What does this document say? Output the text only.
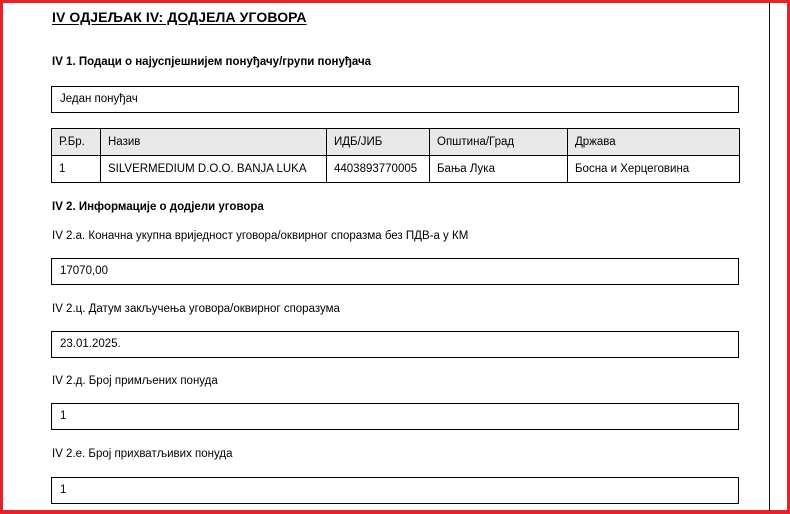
IV ОДЈЕЉАК IV: ДОДЈЕЛА УГОВОРА
IV 1. Подаци о најуспјешнијем понуђачу/групи понуђача
Један понуђач
Р.Бр.	Назив	ИДБ/ЈИБ	Општина/Град	Држава
1	SILVERMEDIUM D.O.O. BANJA LUKA	4403893770005	Бања Лука	Босна и Херцеговина
IV 2. Информације о додјели уговора
IV 2.а. Коначна укупна вриједност уговора/оквирног споразма без ПДВ-а у КМ
17070,00
IV 2.ц. Датум закључења уговора/оквирног споразума
23.01.2025.
IV 2.д. Број примљених понуда
1
IV 2.е. Број прихватљивих понуда
1
